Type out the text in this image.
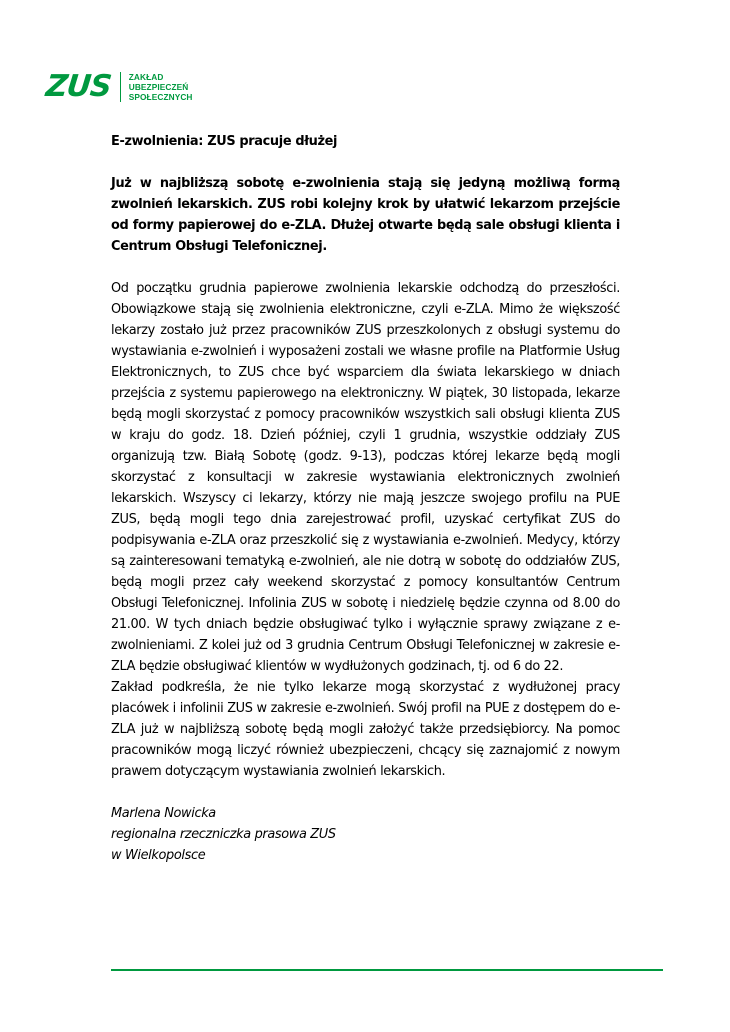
ZUS ZAKŁAD
UBEZPIECZEŃ
SPOŁECZNYCH

E-zwolnienia: ZUS pracuje dłużej

Już w najbliższą sobotę e-zwolnienia stają się jedyną możliwą formą zwolnień lekarskich. ZUS robi kolejny krok by ułatwić lekarzom przejście od formy papierowej do e-ZLA. Dłużej otwarte będą sale obsługi klienta i Centrum Obsługi Telefonicznej.

Od początku grudnia papierowe zwolnienia lekarskie odchodzą do przeszłości. Obowiązkowe stają się zwolnienia elektroniczne, czyli e-ZLA. Mimo że większość lekarzy zostało już przez pracowników ZUS przeszkolonych z obsługi systemu do wystawiania e-zwolnień i wyposażeni zostali we własne profile na Platformie Usług Elektronicznych, to ZUS chce być wsparciem dla świata lekarskiego w dniach przejścia z systemu papierowego na elektroniczny. W piątek, 30 listopada, lekarze będą mogli skorzystać z pomocy pracowników wszystkich sali obsługi klienta ZUS w kraju do godz. 18. Dzień później, czyli 1 grudnia, wszystkie oddziały ZUS organizują tzw. Białą Sobotę (godz. 9-13), podczas której lekarze będą mogli skorzystać z konsultacji w zakresie wystawiania elektronicznych zwolnień lekarskich. Wszyscy ci lekarzy, którzy nie mają jeszcze swojego profilu na PUE ZUS, będą mogli tego dnia zarejestrować profil, uzyskać certyfikat ZUS do podpisywania e-ZLA oraz przeszkolić się z wystawiania e-zwolnień. Medycy, którzy są zainteresowani tematyką e-zwolnień, ale nie dotrą w sobotę do oddziałów ZUS, będą mogli przez cały weekend skorzystać z pomocy konsultantów Centrum Obsługi Telefonicznej. Infolinia ZUS w sobotę i niedzielę będzie czynna od 8.00 do 21.00. W tych dniach będzie obsługiwać tylko i wyłącznie sprawy związane z e-zwolnieniami. Z kolei już od 3 grudnia Centrum Obsługi Telefonicznej w zakresie e-ZLA będzie obsługiwać klientów w wydłużonych godzinach, tj. od 6 do 22.

Zakład podkreśla, że nie tylko lekarze mogą skorzystać z wydłużonej pracy placówek i infolinii ZUS w zakresie e-zwolnień. Swój profil na PUE z dostępem do e-ZLA już w najbliższą sobotę będą mogli założyć także przedsiębiorcy. Na pomoc pracowników mogą liczyć również ubezpieczeni, chcący się zaznajomić z nowym prawem dotyczącym wystawiania zwolnień lekarskich.

Marlena Nowicka
regionalna rzeczniczka prasowa ZUS
w Wielkopolsce
